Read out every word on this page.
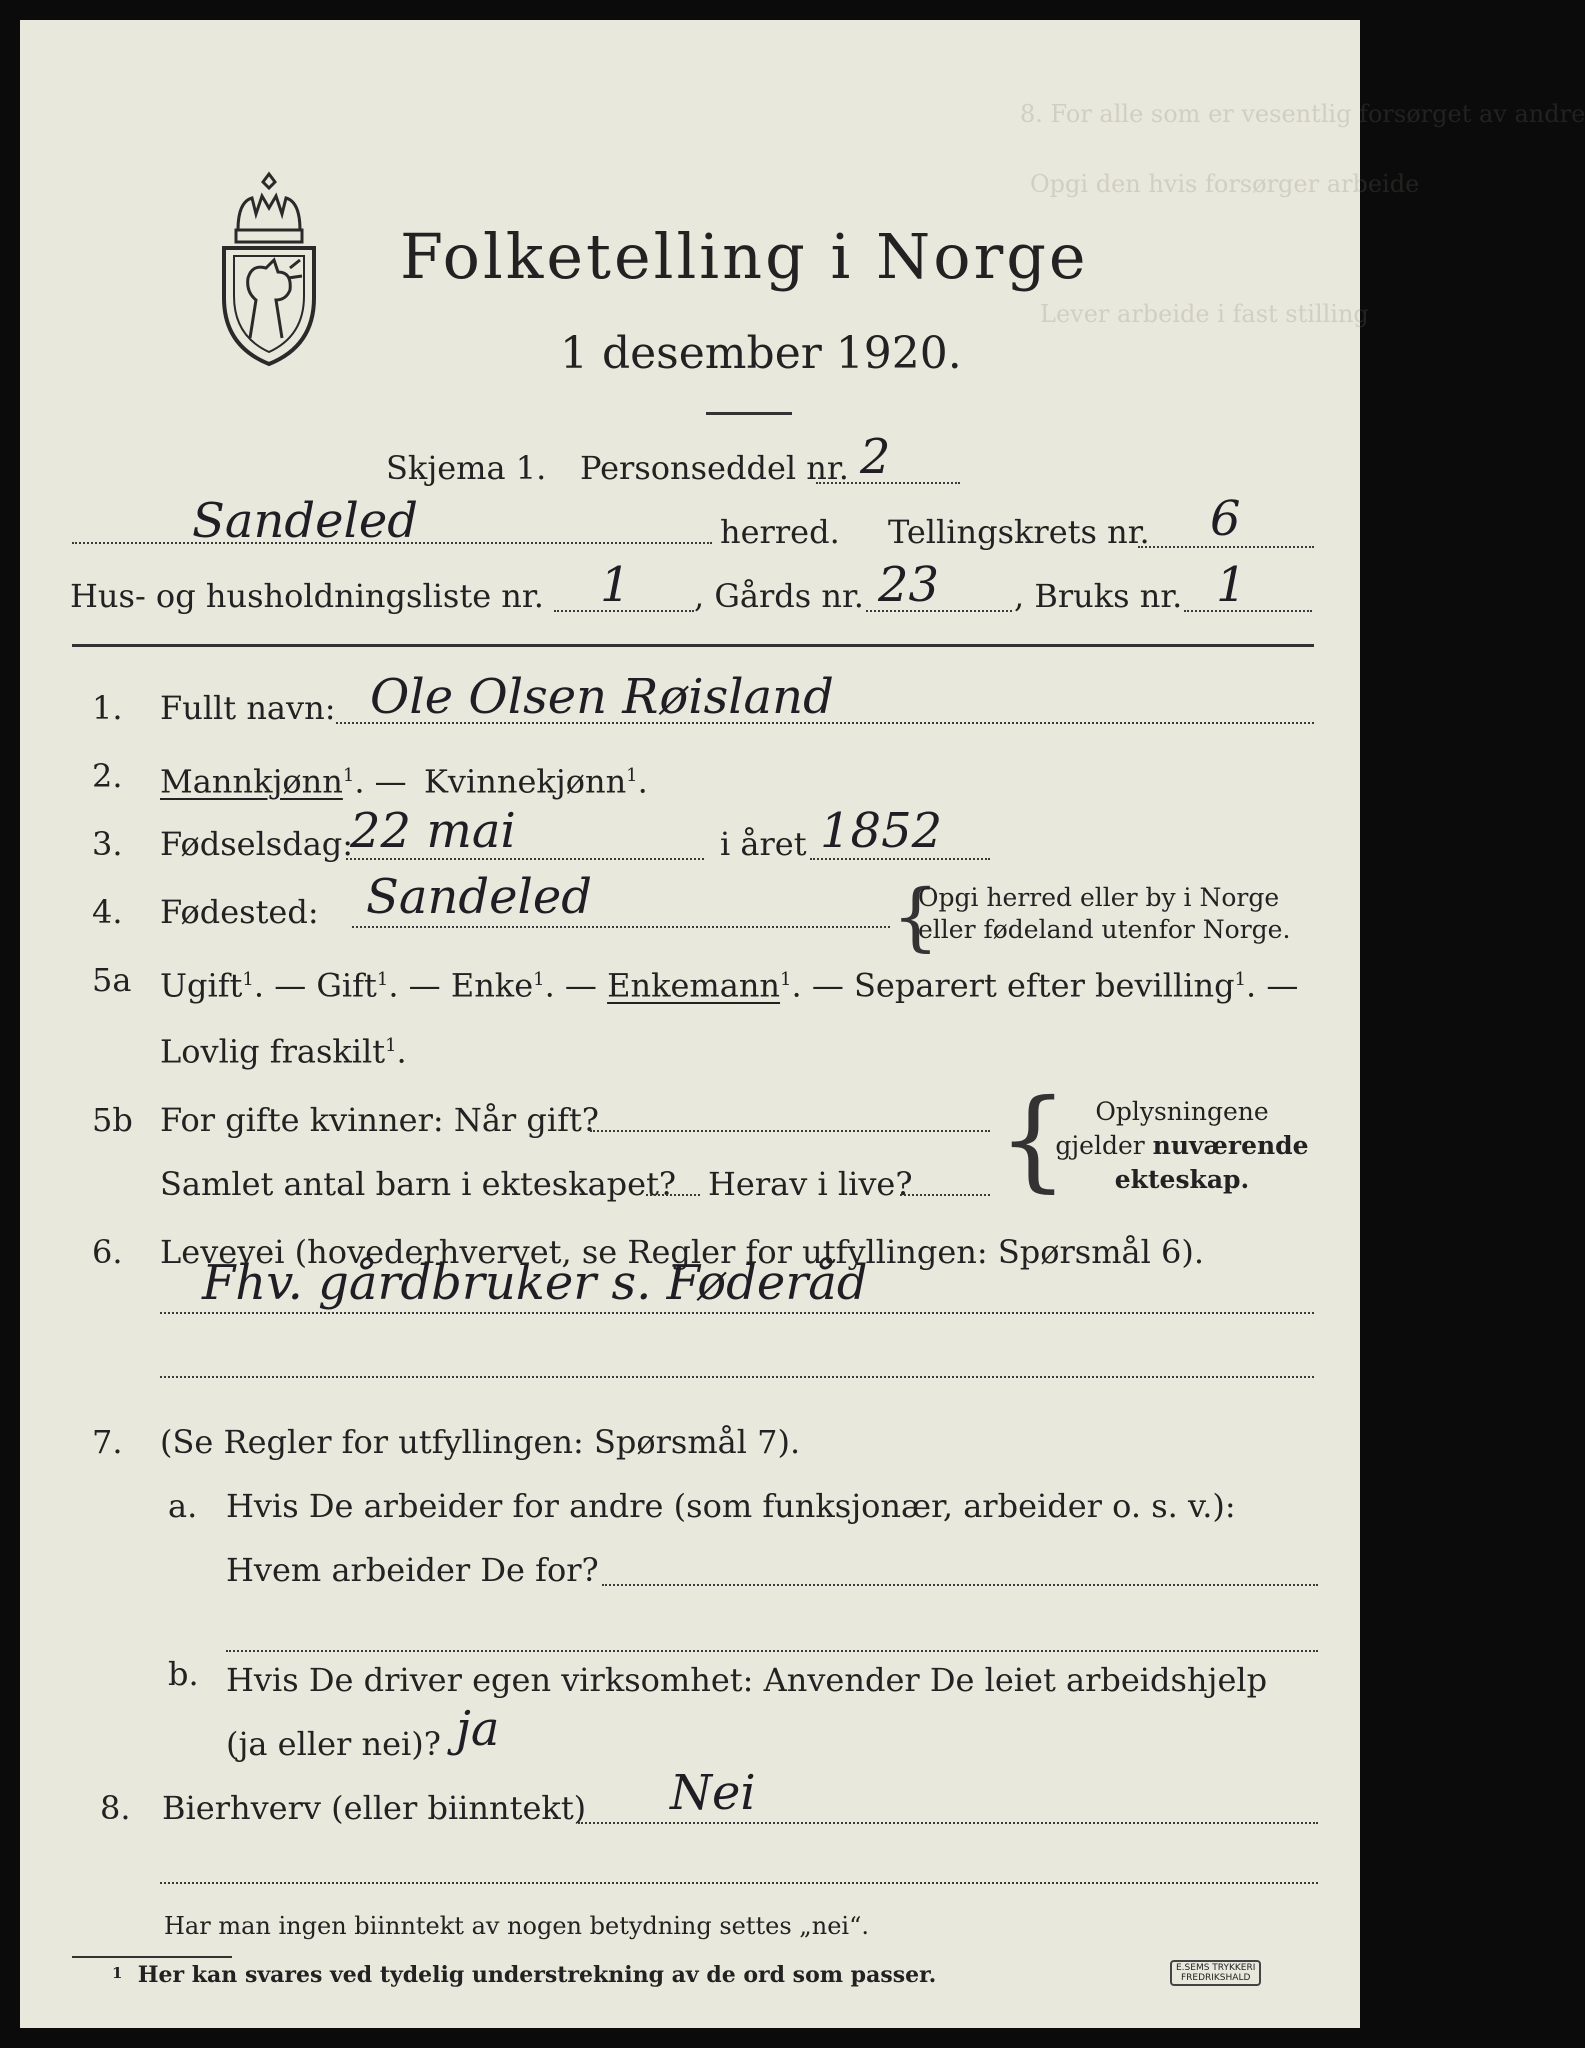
8. For alle som er vesentlig forsørget av andre
Opgi den hvis forsørger arbeide
Lever arbeide i fast stilling
Folketelling i Norge
1 desember 1920.
Skjema 1. Personseddel nr. 2
Sandeled	herred. Tellingskrets nr. 6
Hus- og husholdningsliste nr. 1 , Gårds nr. 23 , Bruks nr. 1
1. Fullt navn: Ole Olsen Røisland
2. Mannkjønn$^1$. — Kvinnekjønn$^1$.
3. Fødselsdag:
22 mai	i året 1852
4. Fødested: Sandeled	{
Opgi herred eller by i Norge
eller fødeland utenfor Norge.
5a Ugift$^1$. — Gift$^1$. — Enke$^1$. — Enkemann$^1$. — Separert efter bevilling$^1$. —
Lovlig fraskilt$^1$.
5b For gifte kvinner: Når gift?
Samlet antal barn i ekteskapet? Herav i live? {	Oplysningene
gjelder nuværende
ekteskap.
6. Levevei (hovederhvervet, se Regler for utfyllingen: Spørsmål 6).
Fhv. gårdbruker s. Føderåd
7. (Se Regler for utfyllingen: Spørsmål 7).
a. Hvis De arbeider for andre (som funksjonær, arbeider o. s. v.):
Hvem arbeider De for?
b. Hvis De driver egen virksomhet: Anvender De leiet arbeidshjelp
(ja eller nei)? ja
8. Bierhverv (eller biinntekt) Nei
Har man ingen biinntekt av nogen betydning settes „nei“.
1 Her kan svares ved tydelig understrekning av de ord som passer.	E.SEMS TRYKKERI
FREDRIKSHALD
